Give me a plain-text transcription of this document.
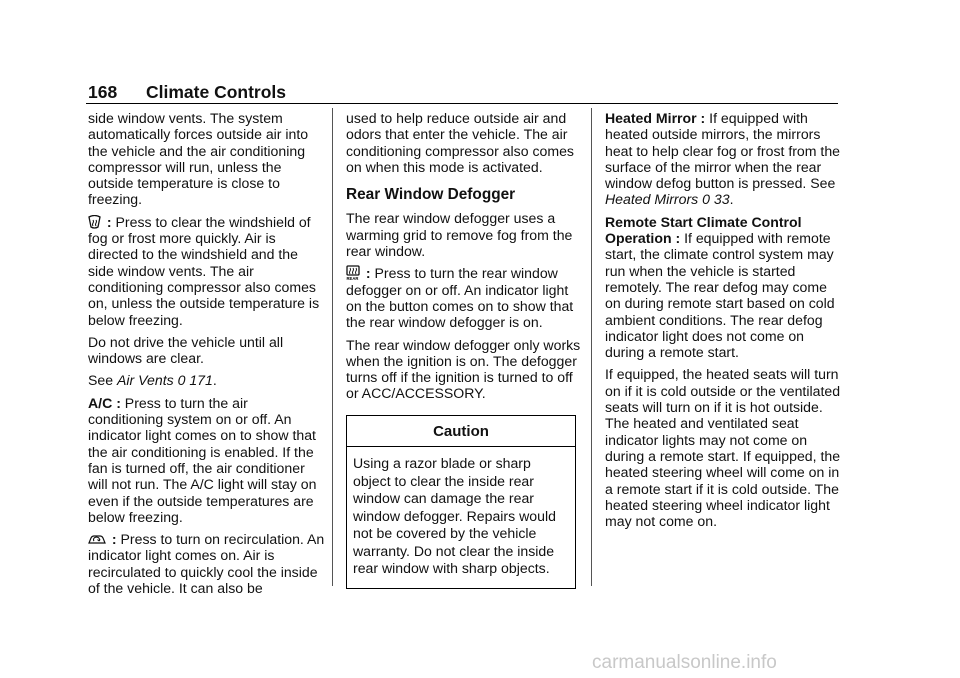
168 Climate Controls

side window vents. The system automatically forces outside air into the vehicle and the air conditioning compressor will run, unless the outside temperature is close to freezing.

: Press to clear the windshield of fog or frost more quickly. Air is directed to the windshield and the side window vents. The air conditioning compressor also comes on, unless the outside temperature is below freezing.

Do not drive the vehicle until all windows are clear.

See Air Vents 0 171.

A/C : Press to turn the air conditioning system on or off. An indicator light comes on to show that the air conditioning is enabled. If the fan is turned off, the air conditioner will not run. The A/C light will stay on even if the outside temperatures are below freezing.

: Press to turn on recirculation. An indicator light comes on. Air is recirculated to quickly cool the inside of the vehicle. It can also be

used to help reduce outside air and odors that enter the vehicle. The air conditioning compressor also comes on when this mode is activated.

Rear Window Defogger

The rear window defogger uses a warming grid to remove fog from the rear window.

REAR : Press to turn the rear window defogger on or off. An indicator light on the button comes on to show that the rear window defogger is on.

The rear window defogger only works when the ignition is on. The defogger turns off if the ignition is turned to off or ACC/ACCESSORY.

Caution
Using a razor blade or sharp object to clear the inside rear window can damage the rear window defogger. Repairs would not be covered by the vehicle warranty. Do not clear the inside rear window with sharp objects.

Heated Mirror : If equipped with heated outside mirrors, the mirrors heat to help clear fog or frost from the surface of the mirror when the rear window defog button is pressed. See Heated Mirrors 0 33.

Remote Start Climate Control Operation : If equipped with remote start, the climate control system may run when the vehicle is started remotely. The rear defog may come on during remote start based on cold ambient conditions. The rear defog indicator light does not come on during a remote start.

If equipped, the heated seats will turn on if it is cold outside or the ventilated seats will turn on if it is hot outside. The heated and ventilated seat indicator lights may not come on during a remote start. If equipped, the heated steering wheel will come on in a remote start if it is cold outside. The heated steering wheel indicator light may not come on.

carmanualsonline.info
